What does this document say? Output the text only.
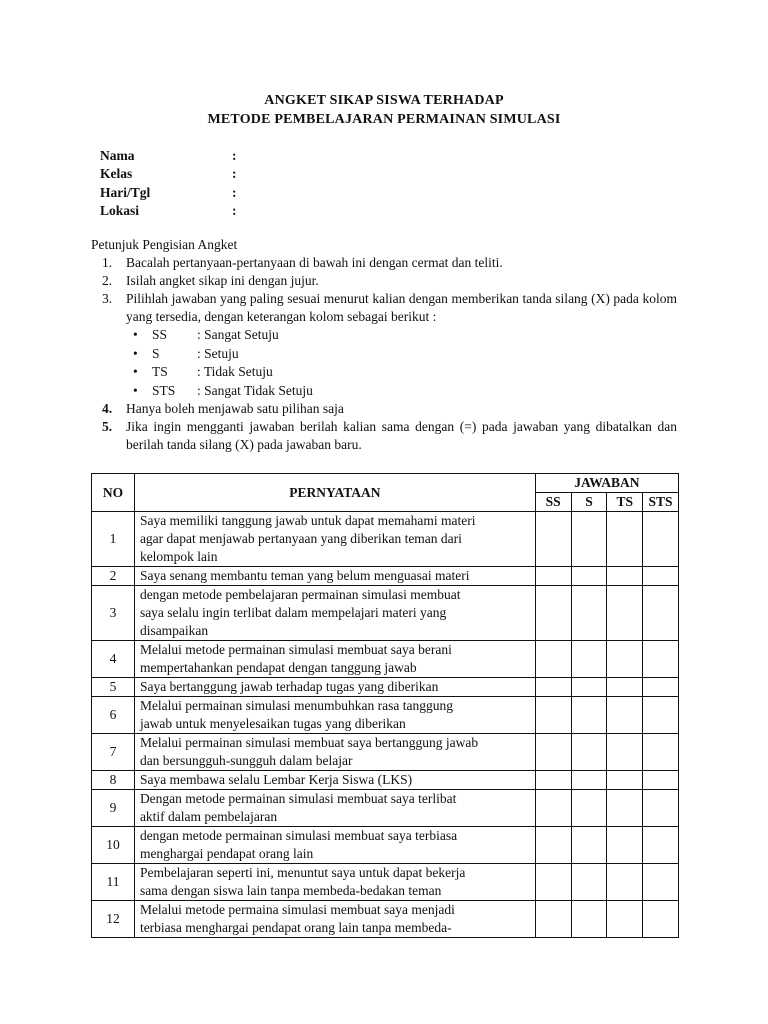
ANGKET SIKAP SISWA TERHADAP
METODE PEMBELAJARAN PERMAINAN SIMULASI
Nama	:
Kelas	:
Hari/Tgl	:
Lokasi	:
Petunjuk Pengisian Angket
1. Bacalah pertanyaan-pertanyaan di bawah ini dengan cermat dan teliti.
2. Isilah angket sikap ini dengan jujur.
3. Pilihlah jawaban yang paling sesuai menurut kalian dengan memberikan tanda silang (X) pada kolom yang tersedia, dengan keterangan kolom sebagai berikut :
• SS : Sangat Setuju
• S	: Setuju
• TS : Tidak Setuju
• STS : Sangat Tidak Setuju
4. Hanya boleh menjawab satu pilihan saja
5. Jika ingin mengganti jawaban berilah kalian sama dengan (=) pada jawaban yang dibatalkan dan berilah tanda silang (X) pada jawaban baru.
NO	PERNYATAAN	JAWABAN			
		SS	S	TS	STS
1	Saya memiliki tanggung jawab untuk dapat memahami materi
agar dapat menjawab pertanyaan yang diberikan teman dari
kelompok lain				

2	Saya senang membantu teman yang belum menguasai materi				

3	dengan metode pembelajaran permainan simulasi membuat
saya selalu ingin terlibat dalam mempelajari materi yang
disampaikan				

4	Melalui metode permainan simulasi membuat saya berani
mempertahankan pendapat dengan tanggung jawab				

5	Saya bertanggung jawab terhadap tugas yang diberikan				

6	Melalui permainan simulasi menumbuhkan rasa tanggung
jawab untuk menyelesaikan tugas yang diberikan				

7	Melalui permainan simulasi membuat saya bertanggung jawab
dan bersungguh-sungguh dalam belajar				

8	Saya membawa selalu Lembar Kerja Siswa (LKS)				

9	Dengan metode permainan simulasi membuat saya terlibat
aktif dalam pembelajaran				

10	dengan metode permainan simulasi membuat saya terbiasa
menghargai pendapat orang lain				

11	Pembelajaran seperti ini, menuntut saya untuk dapat bekerja
sama dengan siswa lain tanpa membeda-bedakan teman				

12	Melalui metode permaina simulasi membuat saya menjadi
terbiasa menghargai pendapat orang lain tanpa membeda-				
